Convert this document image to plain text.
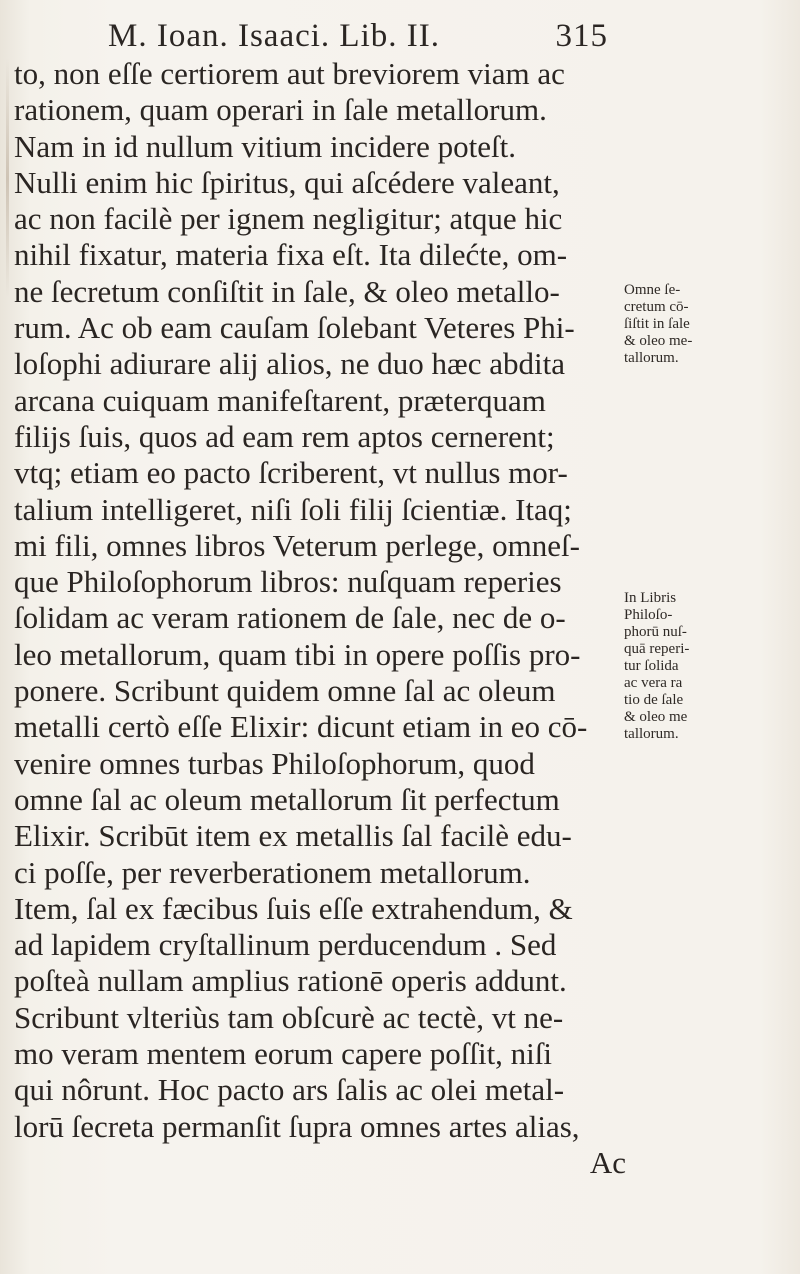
M. Ioan. Isaaci. Lib. II.	315
to, non eſſe certiorem aut breviorem viam ac
rationem, quam operari in ſale metallorum.
Nam in id nullum vitium incidere poteſt.
Nulli enim hic ſpiritus, qui aſcédere valeant,
ac non facilè per ignem negligitur; atque hic
nihil fixatur, materia fixa eſt. Ita dilećte, om-
ne ſecretum conſiſtit in ſale, & oleo metallo-
rum. Ac ob eam cauſam ſolebant Veteres Phi-
loſophi adiurare alij alios, ne duo hæc abdita
arcana cuiquam manifeſtarent, præterquam
filijs ſuis, quos ad eam rem aptos cernerent;
vtq; etiam eo pacto ſcriberent, vt nullus mor-
talium intelligeret, niſi ſoli filij ſcientiæ. Itaq;
mi fili, omnes libros Veterum perlege, omneſ-
que Philoſophorum libros: nuſquam reperies
ſolidam ac veram rationem de ſale, nec de o-
leo metallorum, quam tibi in opere poſſis pro-
ponere. Scribunt quidem omne ſal ac oleum
metalli certò eſſe Elixir: dicunt etiam in eo cō-
venire omnes turbas Philoſophorum, quod
omne ſal ac oleum metallorum ſit perfectum
Elixir. Scribūt item ex metallis ſal facilè edu-
ci poſſe, per reverberationem metallorum.
Item, ſal ex fæcibus ſuis eſſe extrahendum, &
ad lapidem cryſtallinum perducendum . Sed
poſteà nullam amplius rationē operis addunt.
Scribunt vlteriùs tam obſcurè ac tectè, vt ne-
mo veram mentem eorum capere poſſit, niſi
qui nôrunt. Hoc pacto ars ſalis ac olei metal-
lorū ſecreta permanſit ſupra omnes artes alias,
Ac
Omne ſe-
cretum cō-
ſiſtit in ſale
& oleo me-
tallorum.
In Libris
Philoſo-
phorū nuſ-
quā reperi-
tur ſolida
ac vera ra
tio de ſale
& oleo me
tallorum.
